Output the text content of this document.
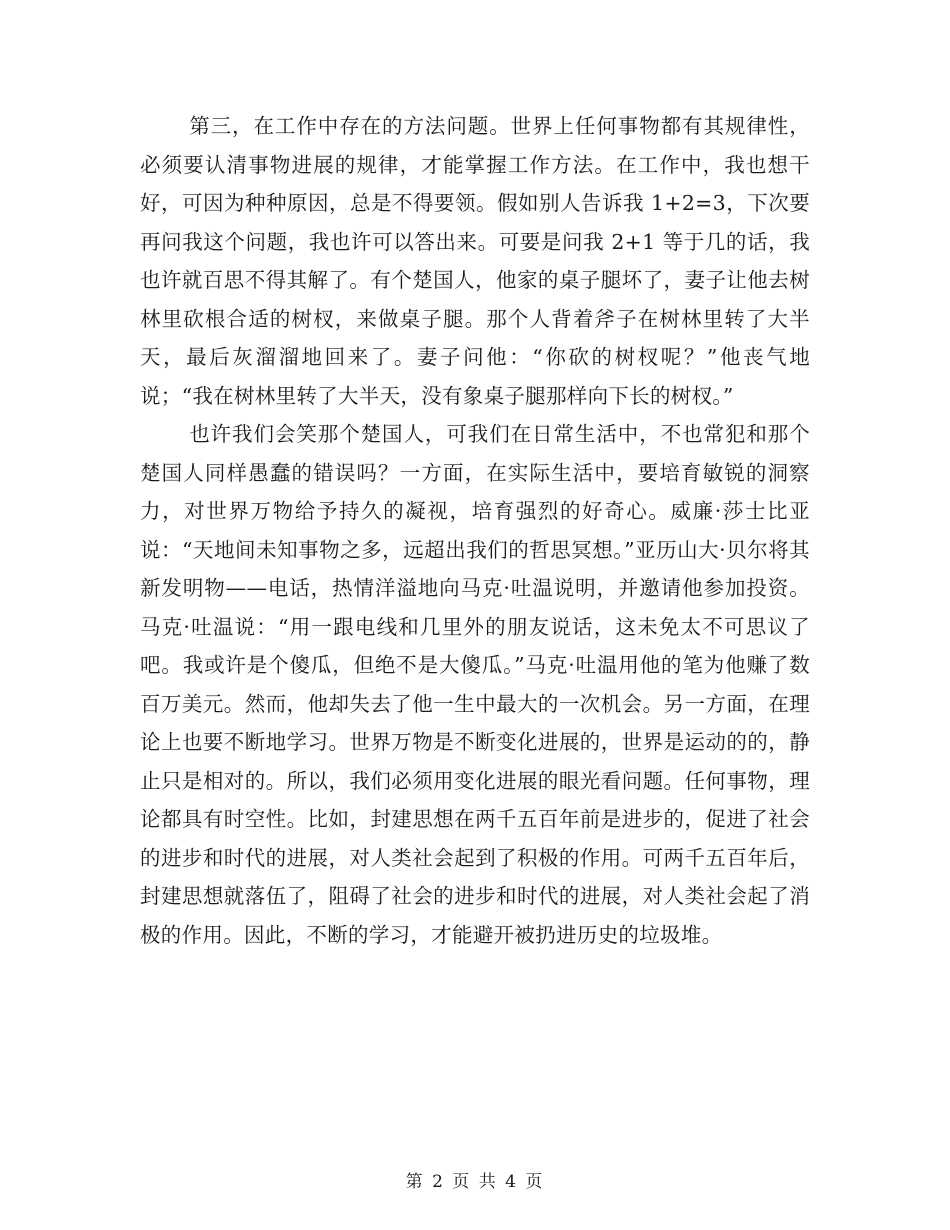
第三，在工作中存在的方法问题。世界上任何事物都有其规律性，必须要认清事物进展的规律，才能掌握工作方法。在工作中，我也想干好，可因为种种原因，总是不得要领。假如别人告诉我 1+2=3，下次要再问我这个问题，我也许可以答出来。可要是问我 2+1 等于几的话，我也许就百思不得其解了。有个楚国人，他家的桌子腿坏了，妻子让他去树林里砍根合适的树杈，来做桌子腿。那个人背着斧子在树林里转了大半天，最后灰溜溜地回来了。妻子问他：“你砍的树杈呢？”他丧气地说；“我在树林里转了大半天，没有象桌子腿那样向下长的树杈。”

也许我们会笑那个楚国人，可我们在日常生活中，不也常犯和那个楚国人同样愚蠢的错误吗？一方面，在实际生活中，要培育敏锐的洞察力，对世界万物给予持久的凝视，培育强烈的好奇心。威廉·莎士比亚说：“天地间未知事物之多，远超出我们的哲思冥想。”亚历山大·贝尔将其新发明物——电话，热情洋溢地向马克·吐温说明，并邀请他参加投资。马克·吐温说：“用一跟电线和几里外的朋友说话，这未免太不可思议了吧。我或许是个傻瓜，但绝不是大傻瓜。”马克·吐温用他的笔为他赚了数百万美元。然而，他却失去了他一生中最大的一次机会。另一方面，在理论上也要不断地学习。世界万物是不断变化进展的，世界是运动的的，静止只是相对的。所以，我们必须用变化进展的眼光看问题。任何事物，理论都具有时空性。比如，封建思想在两千五百年前是进步的，促进了社会的进步和时代的进展，对人类社会起到了积极的作用。可两千五百年后，封建思想就落伍了，阻碍了社会的进步和时代的进展，对人类社会起了消极的作用。因此，不断的学习，才能避开被扔进历史的垃圾堆。

第 2 页 共 4 页
